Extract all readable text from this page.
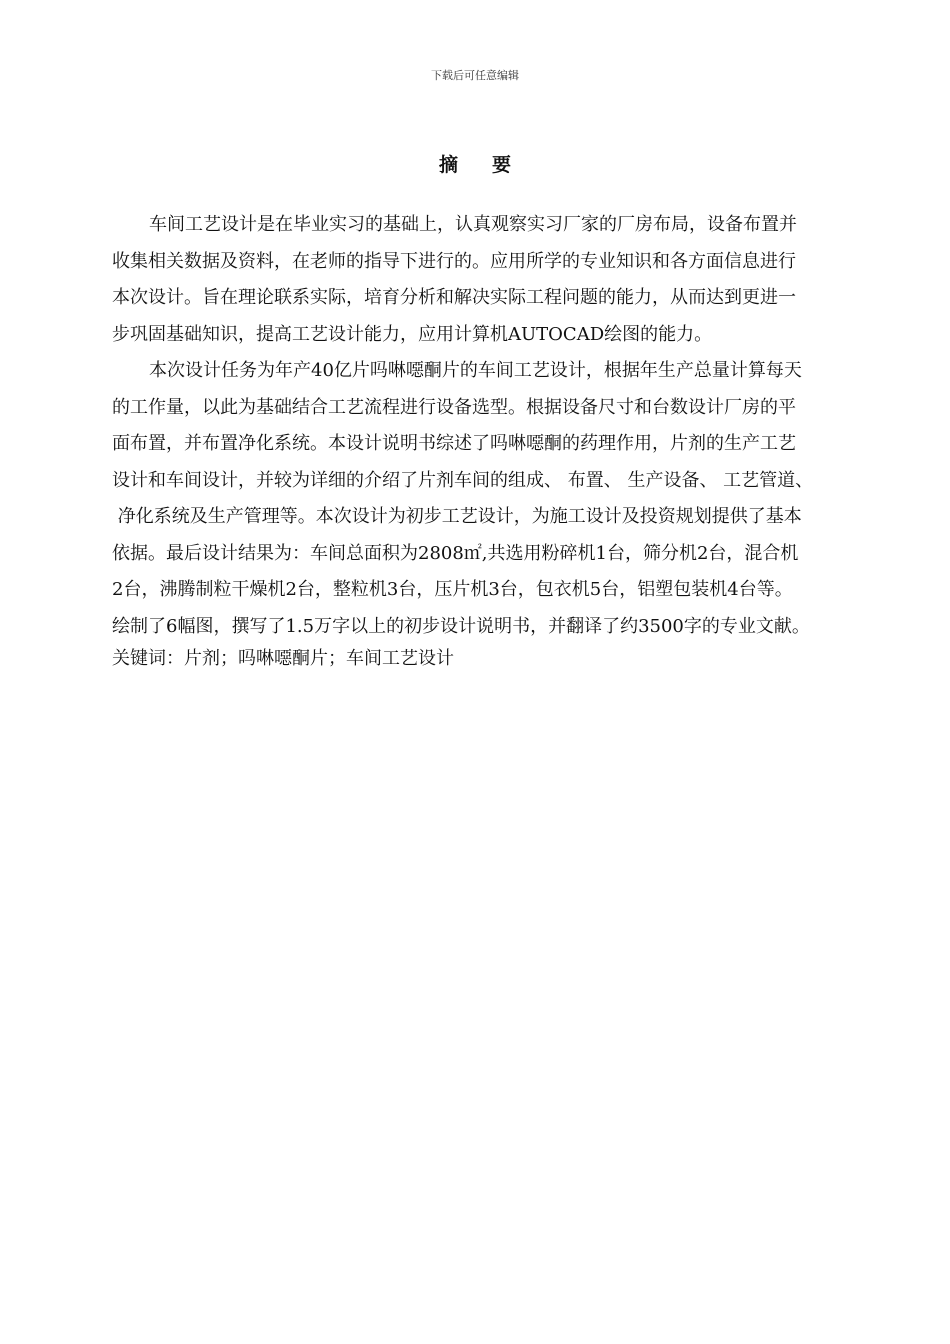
下载后可任意编辑
摘 要
车间工艺设计是在毕业实习的基础上，认真观察实习厂家的厂房布局，设备布置并
收集相关数据及资料，在老师的指导下进行的。应用所学的专业知识和各方面信息进行
本次设计。旨在理论联系实际，培育分析和解决实际工程问题的能力，从而达到更进一
步巩固基础知识，提高工艺设计能力，应用计算机AUTOCAD绘图的能力。
本次设计任务为年产40亿片吗啉噁酮片的车间工艺设计，根据年生产总量计算每天
的工作量，以此为基础结合工艺流程进行设备选型。根据设备尺寸和台数设计厂房的平
面布置，并布置净化系统。本设计说明书综述了吗啉噁酮的药理作用，片剂的生产工艺
设计和车间设计，并较为详细的介绍了片剂车间的组成、 布置、 生产设备、 工艺管道、
净化系统及生产管理等。本次设计为初步工艺设计，为施工设计及投资规划提供了基本
依据。最后设计结果为：车间总面积为2808㎡,共选用粉碎机1台，筛分机2台，混合机
2台，沸腾制粒干燥机2台，整粒机3台，压片机3台，包衣机5台，铝塑包装机4台等。
绘制了6幅图，撰写了1.5万字以上的初步设计说明书，并翻译了约3500字的专业文献。
关键词：片剂；吗啉噁酮片；车间工艺设计
